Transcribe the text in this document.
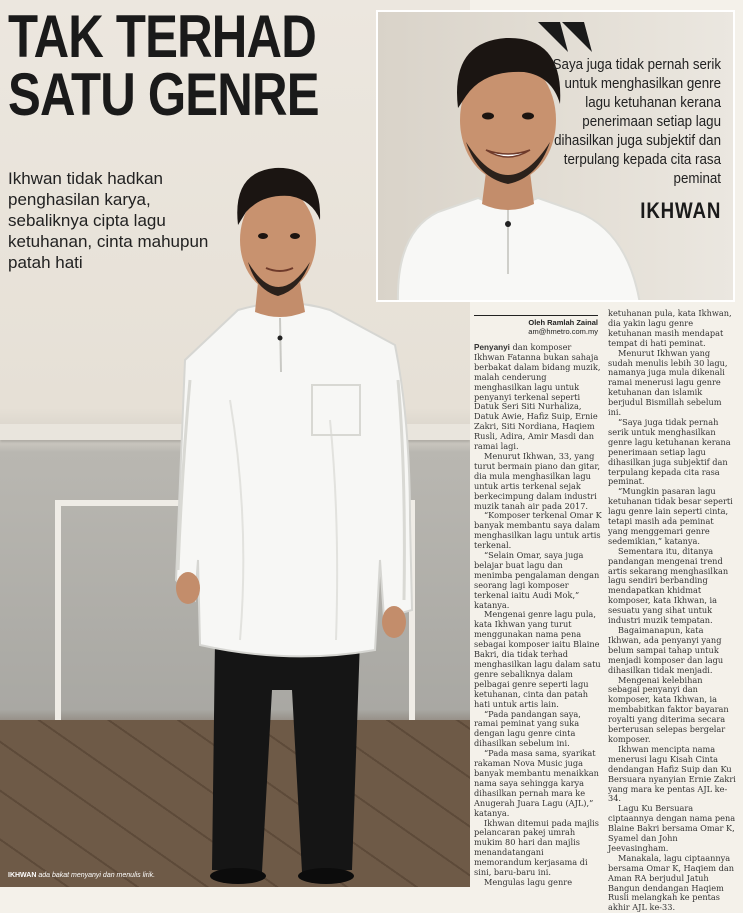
TAK TERHAD
SATU GENRE

Ikhwan tidak hadkan penghasilan karya, sebaliknya cipta lagu ketuhanan, cinta mahupun patah hati

IKHWAN ada bakat menyanyi dan menulis lirik.

Saya juga tidak pernah serik untuk menghasilkan genre lagu ketuhanan kerana penerimaan setiap lagu dihasilkan juga subjektif dan terpulang kepada cita rasa peminat

IKHWAN

Oleh Ramlah Zainal
am@hmetro.com.my

Penyanyi dan komposer Ikhwan Fatanna bukan sahaja berbakat dalam bidang muzik, malah cenderung menghasilkan lagu untuk penyanyi terkenal seperti Datuk Seri Siti Nurhaliza, Datuk Awie, Hafiz Suip, Ernie Zakri, Siti Nordiana, Haqiem Rusli, Adira, Amir Masdi dan ramai lagi.

Menurut Ikhwan, 33, yang turut bermain piano dan gitar, dia mula menghasilkan lagu untuk artis terkenal sejak berkecimpung dalam industri muzik tanah air pada 2017.

“Komposer terkenal Omar K banyak membantu saya dalam menghasilkan lagu untuk artis terkenal.

“Selain Omar, saya juga belajar buat lagu dan menimba pengalaman dengan seorang lagi komposer terkenal iaitu Audi Mok,” katanya.

Mengenai genre lagu pula, kata Ikhwan yang turut menggunakan nama pena sebagai komposer iaitu Blaine Bakri, dia tidak terhad menghasilkan lagu dalam satu genre sebaliknya dalam pelbagai genre seperti lagu ketuhanan, cinta dan patah hati untuk artis lain.

“Pada pandangan saya, ramai peminat yang suka dengan lagu genre cinta dihasilkan sebelum ini.

“Pada masa sama, syarikat rakaman Nova Music juga banyak membantu menaikkan nama saya sehingga karya dihasilkan pernah mara ke Anugerah Juara Lagu (AJL),” katanya.

Ikhwan ditemui pada majlis pelancaran pakej umrah mukim 80 hari dan majlis menandatangani memorandum kerjasama di sini, baru-baru ini.

Mengulas lagu genre

ketuhanan pula, kata Ikhwan, dia yakin lagu genre ketuhanan masih mendapat tempat di hati peminat.

Menurut Ikhwan yang sudah menulis lebih 30 lagu, namanya juga mula dikenali ramai menerusi lagu genre ketuhanan dan islamik berjudul Bismillah sebelum ini.

“Saya juga tidak pernah serik untuk menghasilkan genre lagu ketuhanan kerana penerimaan setiap lagu dihasilkan juga subjektif dan terpulang kepada cita rasa peminat.

“Mungkin pasaran lagu ketuhanan tidak besar seperti lagu genre lain seperti cinta, tetapi masih ada peminat yang menggemari genre sedemikian,” katanya.

Sementara itu, ditanya pandangan mengenai trend artis sekarang menghasilkan lagu sendiri berbanding mendapatkan khidmat komposer, kata Ikhwan, ia sesuatu yang sihat untuk industri muzik tempatan.

Bagaimanapun, kata Ikhwan, ada penyanyi yang belum sampai tahap untuk menjadi komposer dan lagu dihasilkan tidak menjadi.

Mengenai kelebihan sebagai penyanyi dan komposer, kata Ikhwan, ia membabitkan faktor bayaran royalti yang diterima secara berterusan selepas bergelar komposer.

Ikhwan mencipta nama menerusi lagu Kisah Cinta dendangan Hafiz Suip dan Ku Bersuara nyanyian Ernie Zakri yang mara ke pentas AJL ke-34.

Lagu Ku Bersuara ciptaannya dengan nama pena Blaine Bakri bersama Omar K, Syamel dan John Jeevasingham.

Manakala, lagu ciptaannya bersama Omar K, Haqiem dan Aman RA berjudul Jatuh Bangun dendangan Haqiem Rusli melangkah ke pentas akhir AJL ke-33.
